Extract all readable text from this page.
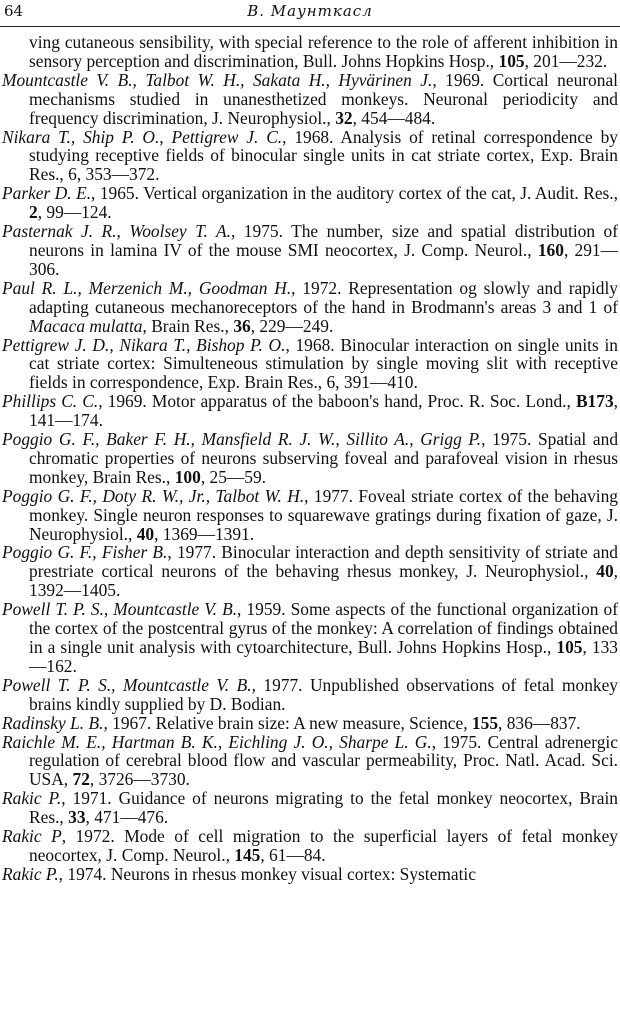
64	В. Маунткасл

ving cutaneous sensibility, with special reference to the role of afferent inhibition in sensory perception and discrimination, Bull. Johns Hopkins Hosp., 105, 201—232.

Mountcastle V. B., Talbot W. H., Sakata H., Hyvärinen J., 1969. Cortical neuronal mechanisms studied in unanesthetized monkeys. Neuronal periodicity and frequency discrimination, J. Neurophysiol., 32, 454—484.

Nikara T., Ship P. O., Pettigrew J. C., 1968. Analysis of retinal correspondence by studying receptive fields of binocular single units in cat striate cortex, Exp. Brain Res., 6, 353—372.

Parker D. E., 1965. Vertical organization in the auditory cortex of the cat, J. Audit. Res., 2, 99—124.

Pasternak J. R., Woolsey T. A., 1975. The number, size and spatial distribution of neurons in lamina IV of the mouse SMI neocortex, J. Comp. Neurol., 160, 291—306.

Paul R. L., Merzenich M., Goodman H., 1972. Representation og slowly and rapidly adapting cutaneous mechanoreceptors of the hand in Brodmann's areas 3 and 1 of Macaca mulatta, Brain Res., 36, 229—249.

Pettigrew J. D., Nikara T., Bishop P. O., 1968. Binocular interaction on single units in cat striate cortex: Simulteneous stimulation by single moving slit with receptive fields in correspondence, Exp. Brain Res., 6, 391—410.

Phillips C. C., 1969. Motor apparatus of the baboon's hand, Proc. R. Soc. Lond., B173, 141—174.

Poggio G. F., Baker F. H., Mansfield R. J. W., Sillito A., Grigg P., 1975. Spatial and chromatic properties of neurons subserving foveal and parafoveal vision in rhesus monkey, Brain Res., 100, 25—59.

Poggio G. F., Doty R. W., Jr., Talbot W. H., 1977. Foveal striate cortex of the behaving monkey. Single neuron responses to squarewave gratings during fixation of gaze, J. Neurophysiol., 40, 1369—1391.

Poggio G. F., Fisher B., 1977. Binocular interaction and depth sensitivity of striate and prestriate cortical neurons of the behaving rhesus monkey, J. Neurophysiol., 40, 1392—1405.

Powell T. P. S., Mountcastle V. B., 1959. Some aspects of the functional organization of the cortex of the postcentral gyrus of the monkey: A correlation of findings obtained in a single unit analysis with cytoarchitecture, Bull. Johns Hopkins Hosp., 105, 133—162.

Powell T. P. S., Mountcastle V. B., 1977. Unpublished observations of fetal monkey brains kindly supplied by D. Bodian.

Radinsky L. B., 1967. Relative brain size: A new measure, Science, 155, 836—837.

Raichle M. E., Hartman B. K., Eichling J. O., Sharpe L. G., 1975. Central adrenergic regulation of cerebral blood flow and vascular permeability, Proc. Natl. Acad. Sci. USA, 72, 3726—3730.

Rakic P., 1971. Guidance of neurons migrating to the fetal monkey neocortex, Brain Res., 33, 471—476.

Rakic P, 1972. Mode of cell migration to the superficial layers of fetal monkey neocortex, J. Comp. Neurol., 145, 61—84.

Rakic P., 1974. Neurons in rhesus monkey visual cortex: Systematic
